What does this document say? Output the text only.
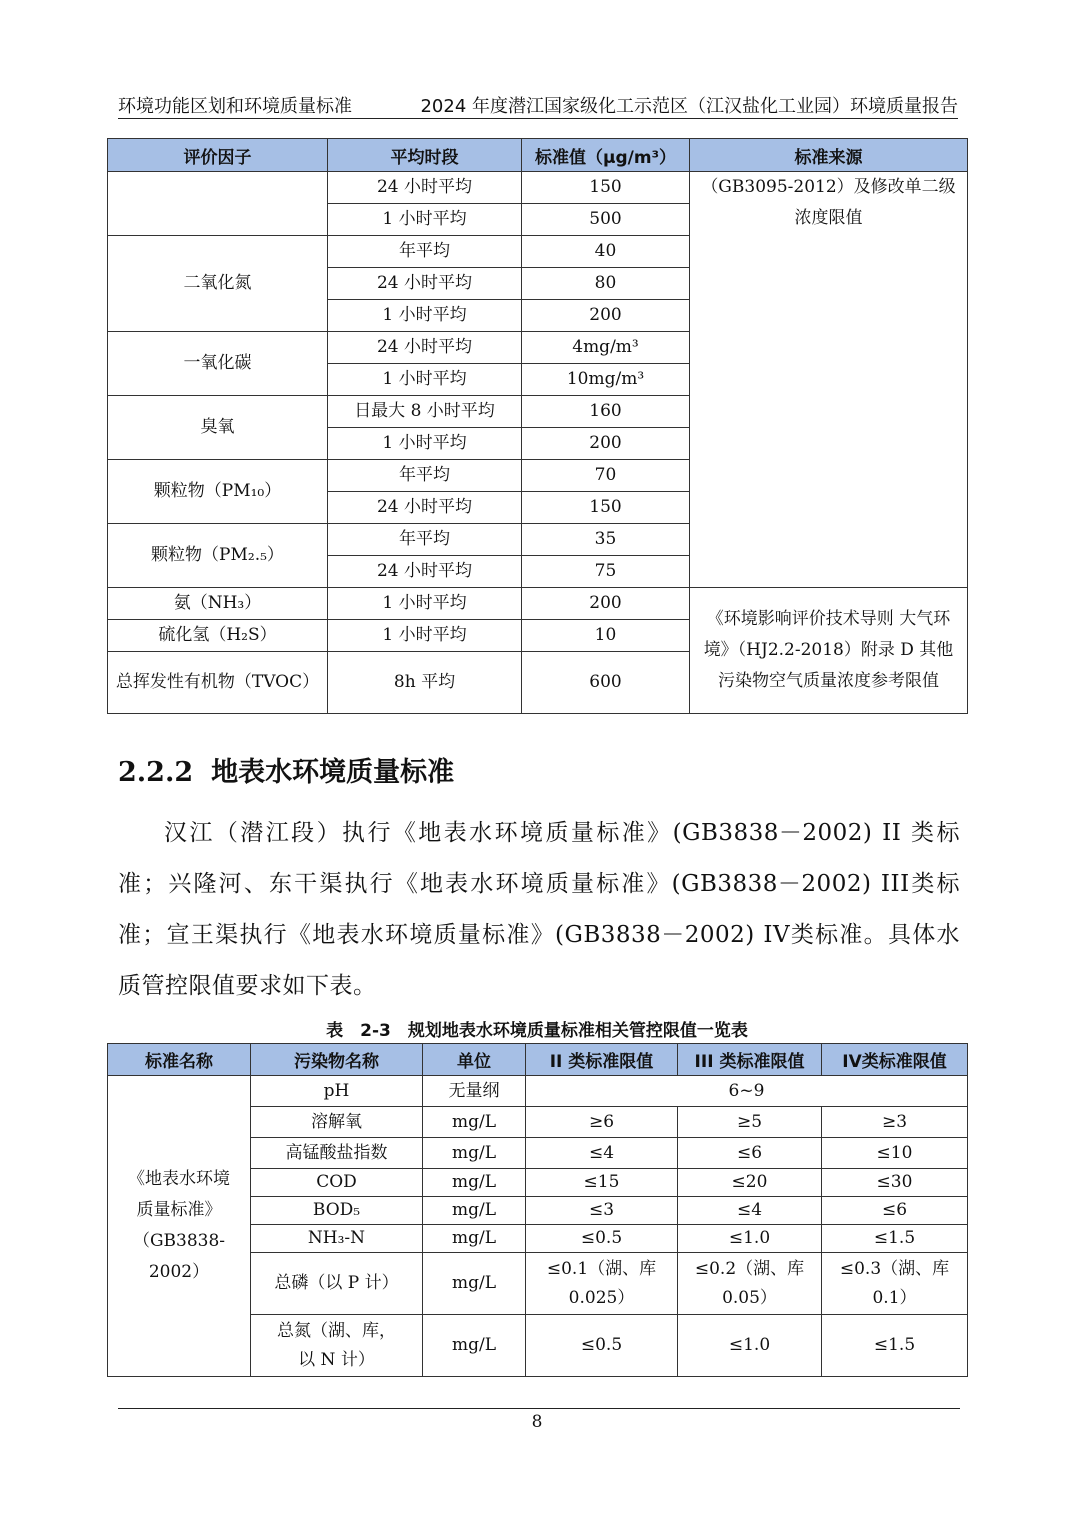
环境功能区划和环境质量标准	2024 年度潜江国家级化工示范区（江汉盐化工业园）环境质量报告
评价因子	平均时段	标准值（μg/m³）	标准来源
	24 小时平均	150	（GB3095-2012）及修改单二级浓度限值
	1 小时平均	500	
二氧化氮	年平均	40	
	24 小时平均	80	
	1 小时平均	200	
一氧化碳	24 小时平均	4mg/m³	
	1 小时平均	10mg/m³	
臭氧	日最大 8 小时平均	160	
	1 小时平均	200	
颗粒物（PM₁₀）	年平均	70	
	24 小时平均	150	
颗粒物（PM₂.₅）	年平均	35	
	24 小时平均	75	
氨（NH₃）	1 小时平均	200	《环境影响评价技术导则 大气环境》（HJ2.2-2018）附录 D 其他污染物空气质量浓度参考限值
硫化氢（H₂S）	1 小时平均	10	
总挥发性有机物（TVOC）	8h 平均	600	
2.2.2 地表水环境质量标准

汉江（潜江段）执行《地表水环境质量标准》(GB3838－2002) II 类标准；兴隆河、东干渠执行《地表水环境质量标准》(GB3838－2002) III类标准；宣王渠执行《地表水环境质量标准》(GB3838－2002) IV类标准。具体水质管控限值要求如下表。

表　2-3　规划地表水环境质量标准相关管控限值一览表
标准名称	污染物名称	单位	II 类标准限值	III 类标准限值	IV类标准限值
《地表水环境质量标准》（GB3838-2002）	pH	无量纲	6~9		
	溶解氧	mg/L	≥6	≥5	≥3
	高锰酸盐指数	mg/L	≤4	≤6	≤10
	COD	mg/L	≤15	≤20	≤30
	BOD₅	mg/L	≤3	≤4	≤6
	NH₃-N	mg/L	≤0.5	≤1.0	≤1.5
	总磷（以 P 计）	mg/L	≤0.1（湖、库 0.025）	≤0.2（湖、库 0.05）	≤0.3（湖、库 0.1）
	总氮（湖、库，以 N 计）	mg/L	≤0.5	≤1.0	≤1.5
8
